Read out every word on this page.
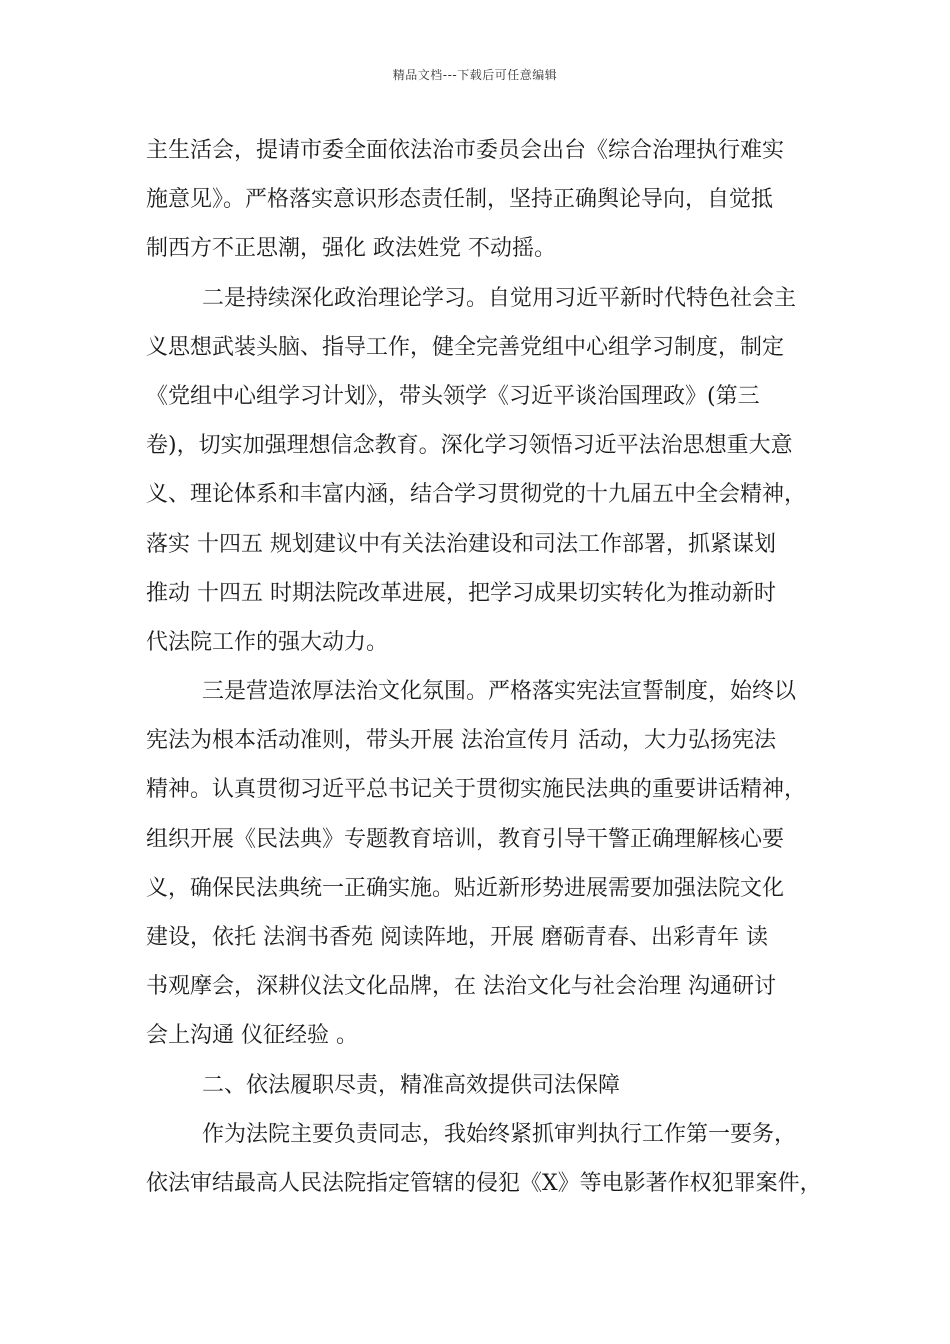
精品文档---下载后可任意编辑
主生活会，提请市委全面依法治市委员会出台《综合治理执行难实
施意见》。严格落实意识形态责任制，坚持正确舆论导向，自觉抵
制西方不正思潮，强化 政法姓党 不动摇。
二是持续深化政治理论学习。自觉用习近平新时代特色社会主
义思想武装头脑、指导工作，健全完善党组中心组学习制度，制定
《党组中心组学习计划》，带头领学《习近平谈治国理政》(第三
卷)，切实加强理想信念教育。深化学习领悟习近平法治思想重大意
义、理论体系和丰富内涵，结合学习贯彻党的十九届五中全会精神，
落实 十四五 规划建议中有关法治建设和司法工作部署，抓紧谋划
推动 十四五 时期法院改革进展，把学习成果切实转化为推动新时
代法院工作的强大动力。
三是营造浓厚法治文化氛围。严格落实宪法宣誓制度，始终以
宪法为根本活动准则，带头开展 法治宣传月 活动，大力弘扬宪法
精神。认真贯彻习近平总书记关于贯彻实施民法典的重要讲话精神，
组织开展《民法典》专题教育培训，教育引导干警正确理解核心要
义，确保民法典统一正确实施。贴近新形势进展需要加强法院文化
建设，依托 法润书香苑 阅读阵地，开展 磨砺青春、出彩青年 读
书观摩会，深耕仪法文化品牌，在 法治文化与社会治理 沟通研讨
会上沟通 仪征经验 。
二、依法履职尽责，精准高效提供司法保障
作为法院主要负责同志，我始终紧抓审判执行工作第一要务，
依法审结最高人民法院指定管辖的侵犯《X》等电影著作权犯罪案件，
